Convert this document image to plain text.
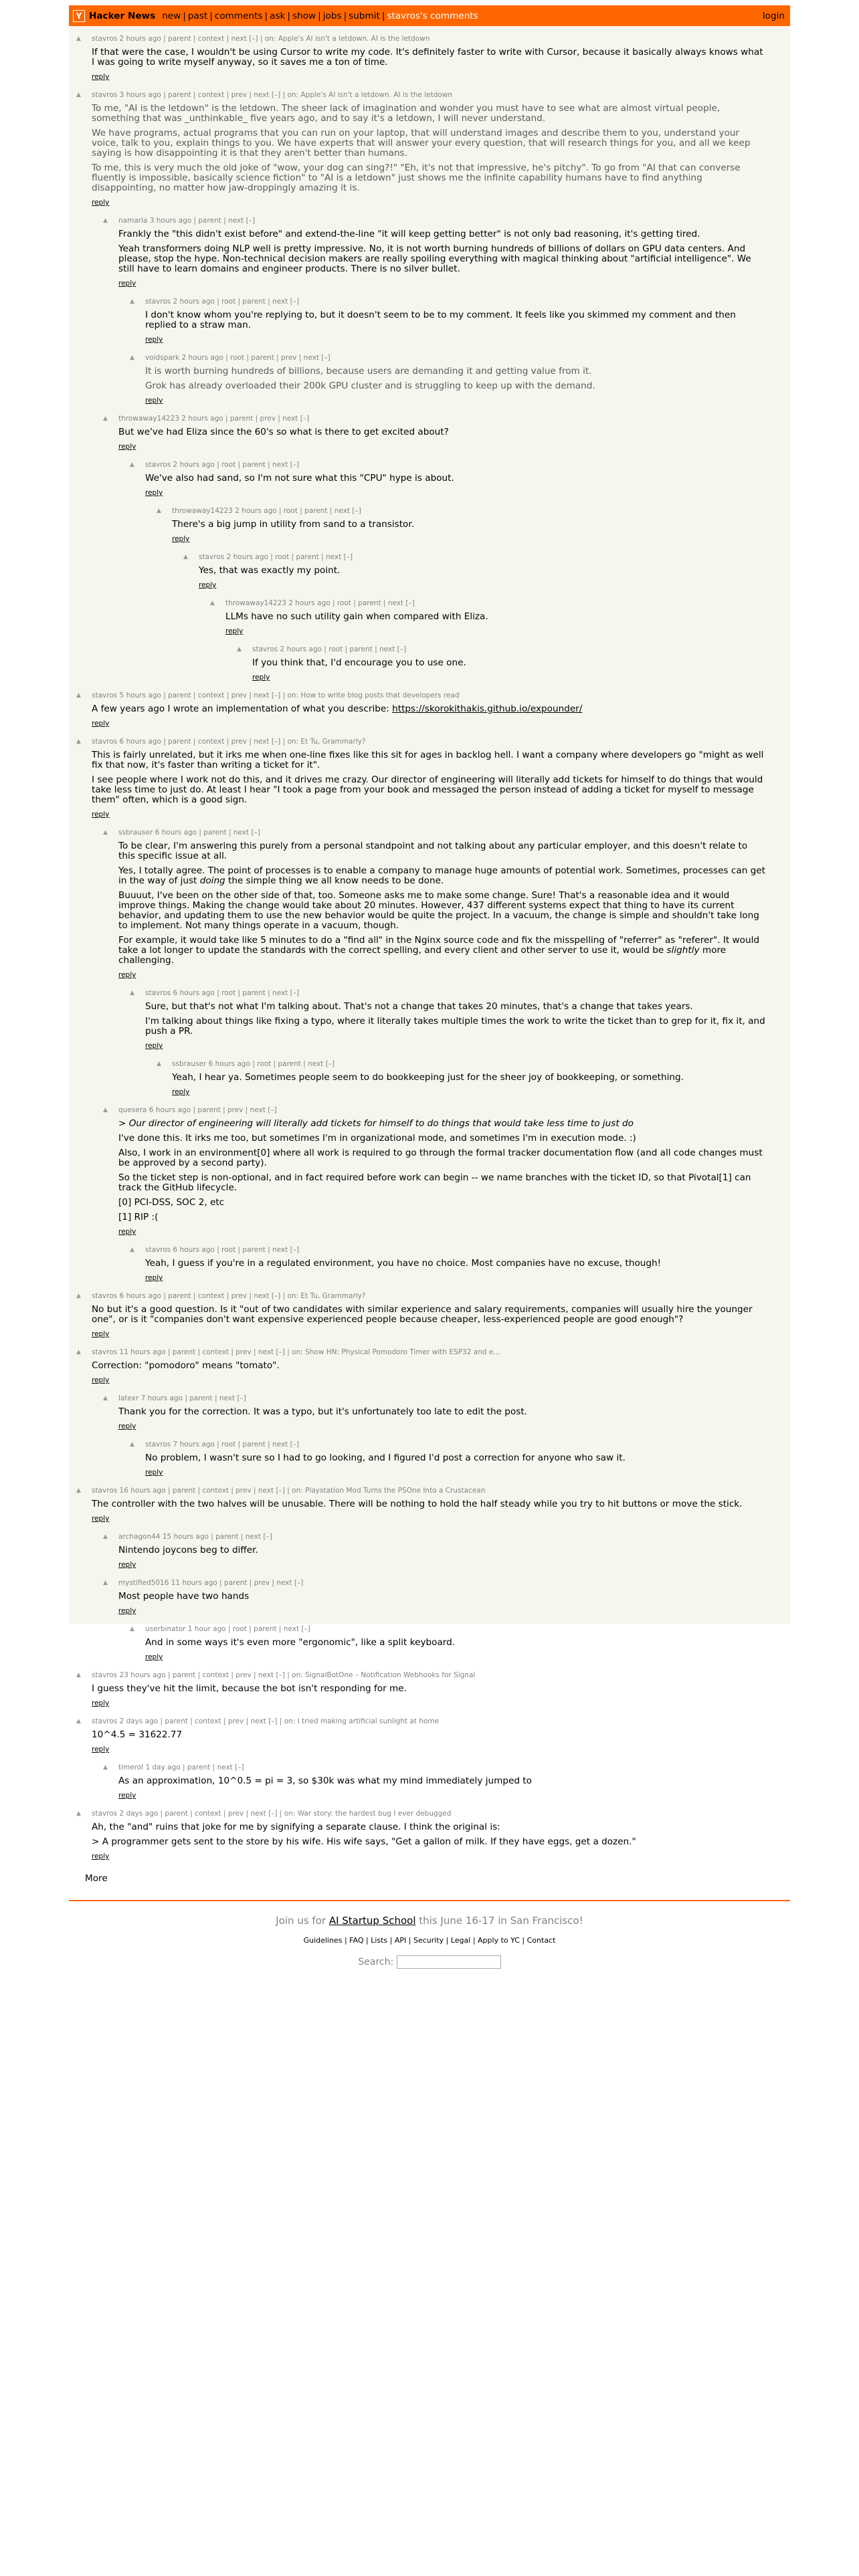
Y Hacker News new | past | comments | ask | show | jobs | submit | stavros's comments	login
▲ stavros 2 hours ago | parent | context | next [–] | on: Apple's AI isn't a letdown. AI is the letdown

If that were the case, I wouldn't be using Cursor to write my code. It's definitely faster to write with Cursor, because it basically always knows what I was going to write myself anyway, so it saves me a ton of time.

reply
▲ stavros 3 hours ago | parent | context | prev | next [–] | on: Apple's AI isn't a letdown. AI is the letdown

To me, "AI is the letdown" is the letdown. The sheer lack of imagination and wonder you must have to see what are almost virtual people, something that was _unthinkable_ five years ago, and to say it's a letdown, I will never understand.

We have programs, actual programs that you can run on your laptop, that will understand images and describe them to you, understand your voice, talk to you, explain things to you. We have experts that will answer your every question, that will research things for you, and all we keep saying is how disappointing it is that they aren't better than humans.

To me, this is very much the old joke of "wow, your dog can sing?!" "Eh, it's not that impressive, he's pitchy". To go from "AI that can converse fluently is impossible, basically science fiction" to "AI is a letdown" just shows me the infinite capability humans have to find anything disappointing, no matter how jaw-droppingly amazing it is.

reply
▲ namaria 3 hours ago | parent | next [–]

Frankly the "this didn't exist before" and extend-the-line "it will keep getting better" is not only bad reasoning, it's getting tired.

Yeah transformers doing NLP well is pretty impressive. No, it is not worth burning hundreds of billions of dollars on GPU data centers. And please, stop the hype. Non-technical decision makers are really spoiling everything with magical thinking about "artificial intelligence". We still have to learn domains and engineer products. There is no silver bullet.

reply
▲ stavros 2 hours ago | root | parent | next [–]

I don't know whom you're replying to, but it doesn't seem to be to my comment. It feels like you skimmed my comment and then replied to a straw man.

reply
▲ voidspark 2 hours ago | root | parent | prev | next [–]

It is worth burning hundreds of billions, because users are demanding it and getting value from it.

Grok has already overloaded their 200k GPU cluster and is struggling to keep up with the demand.

reply
▲ throwaway14223 2 hours ago | parent | prev | next [–]

But we've had Eliza since the 60's so what is there to get excited about?

reply
▲ stavros 2 hours ago | root | parent | next [–]

We've also had sand, so I'm not sure what this "CPU" hype is about.

reply
▲ throwaway14223 2 hours ago | root | parent | next [–]

There's a big jump in utility from sand to a transistor.

reply
▲ stavros 2 hours ago | root | parent | next [–]

Yes, that was exactly my point.

reply
▲ throwaway14223 2 hours ago | root | parent | next [–]

LLMs have no such utility gain when compared with Eliza.

reply
▲ stavros 2 hours ago | root | parent | next [–]

If you think that, I'd encourage you to use one.

reply
▲ stavros 5 hours ago | parent | context | prev | next [–] | on: How to write blog posts that developers read

A few years ago I wrote an implementation of what you describe: https://skorokithakis.github.io/expounder/

reply
▲ stavros 6 hours ago | parent | context | prev | next [–] | on: Et Tu, Grammarly?

This is fairly unrelated, but it irks me when one-line fixes like this sit for ages in backlog hell. I want a company where developers go "might as well fix that now, it's faster than writing a ticket for it".

I see people where I work not do this, and it drives me crazy. Our director of engineering will literally add tickets for himself to do things that would take less time to just do. At least I hear "I took a page from your book and messaged the person instead of adding a ticket for myself to message them" often, which is a good sign.

reply
▲ ssbrauser 6 hours ago | parent | next [–]

To be clear, I'm answering this purely from a personal standpoint and not talking about any particular employer, and this doesn't relate to this specific issue at all.

Yes, I totally agree. The point of processes is to enable a company to manage huge amounts of potential work. Sometimes, processes can get in the way of just doing the simple thing we all know needs to be done.

Buuuut, I've been on the other side of that, too. Someone asks me to make some change. Sure! That's a reasonable idea and it would improve things. Making the change would take about 20 minutes. However, 437 different systems expect that thing to have its current behavior, and updating them to use the new behavior would be quite the project. In a vacuum, the change is simple and shouldn't take long to implement. Not many things operate in a vacuum, though.

For example, it would take like 5 minutes to do a "find all" in the Nginx source code and fix the misspelling of "referrer" as "referer". It would take a lot longer to update the standards with the correct spelling, and every client and other server to use it, would be slightly more challenging.

reply
▲ stavros 6 hours ago | root | parent | next [–]

Sure, but that's not what I'm talking about. That's not a change that takes 20 minutes, that's a change that takes years.

I'm talking about things like fixing a typo, where it literally takes multiple times the work to write the ticket than to grep for it, fix it, and push a PR.

reply
▲ ssbrauser 6 hours ago | root | parent | next [–]

Yeah, I hear ya. Sometimes people seem to do bookkeeping just for the sheer joy of bookkeeping, or something.

reply
▲ quesera 6 hours ago | parent | prev | next [–]

> Our director of engineering will literally add tickets for himself to do things that would take less time to just do

I've done this. It irks me too, but sometimes I'm in organizational mode, and sometimes I'm in execution mode. :)

Also, I work in an environment[0] where all work is required to go through the formal tracker documentation flow (and all code changes must be approved by a second party).

So the ticket step is non-optional, and in fact required before work can begin -- we name branches with the ticket ID, so that Pivotal[1] can track the GitHub lifecycle.

[0] PCI-DSS, SOC 2, etc

[1] RIP :(

reply
▲ stavros 6 hours ago | root | parent | next [–]

Yeah, I guess if you're in a regulated environment, you have no choice. Most companies have no excuse, though!

reply
▲ stavros 6 hours ago | parent | context | prev | next [–] | on: Et Tu, Grammarly?

No but it's a good question. Is it "out of two candidates with similar experience and salary requirements, companies will usually hire the younger one", or is it "companies don't want expensive experienced people because cheaper, less-experienced people are good enough"?

reply
▲ stavros 11 hours ago | parent | context | prev | next [–] | on: Show HN: Physical Pomodoro Timer with ESP32 and e...

Correction: "pomodoro" means "tomato".

reply
▲ latexr 7 hours ago | parent | next [–]

Thank you for the correction. It was a typo, but it's unfortunately too late to edit the post.

reply
▲ stavros 7 hours ago | root | parent | next [–]

No problem, I wasn't sure so I had to go looking, and I figured I'd post a correction for anyone who saw it.

reply
▲ stavros 16 hours ago | parent | context | prev | next [–] | on: Playstation Mod Turns the PSOne Into a Crustacean

The controller with the two halves will be unusable. There will be nothing to hold the half steady while you try to hit buttons or move the stick.

reply
▲ archagon44 15 hours ago | parent | next [–]

Nintendo joycons beg to differ.

reply
▲ mystified5016 11 hours ago | parent | prev | next [–]

Most people have two hands

reply
▲ userbinator 1 hour ago | root | parent | next [–]

And in some ways it's even more "ergonomic", like a split keyboard.

reply
▲ stavros 23 hours ago | parent | context | prev | next [–] | on: SignalBotOne – Notification Webhooks for Signal

I guess they've hit the limit, because the bot isn't responding for me.

reply
▲ stavros 2 days ago | parent | context | prev | next [–] | on: I tried making artificial sunlight at home

10^4.5 = 31622.77

reply
▲ timerol 1 day ago | parent | next [–]

As an approximation, 10^0.5 = pi = 3, so $30k was what my mind immediately jumped to

reply
▲ stavros 2 days ago | parent | context | prev | next [–] | on: War story: the hardest bug I ever debugged

Ah, the "and" ruins that joke for me by signifying a separate clause. I think the original is:

> A programmer gets sent to the store by his wife. His wife says, "Get a gallon of milk. If they have eggs, get a dozen."

reply
More
Join us for AI Startup School this June 16-17 in San Francisco!
Guidelines | FAQ | Lists | API | Security | Legal | Apply to YC | Contact
Search:
